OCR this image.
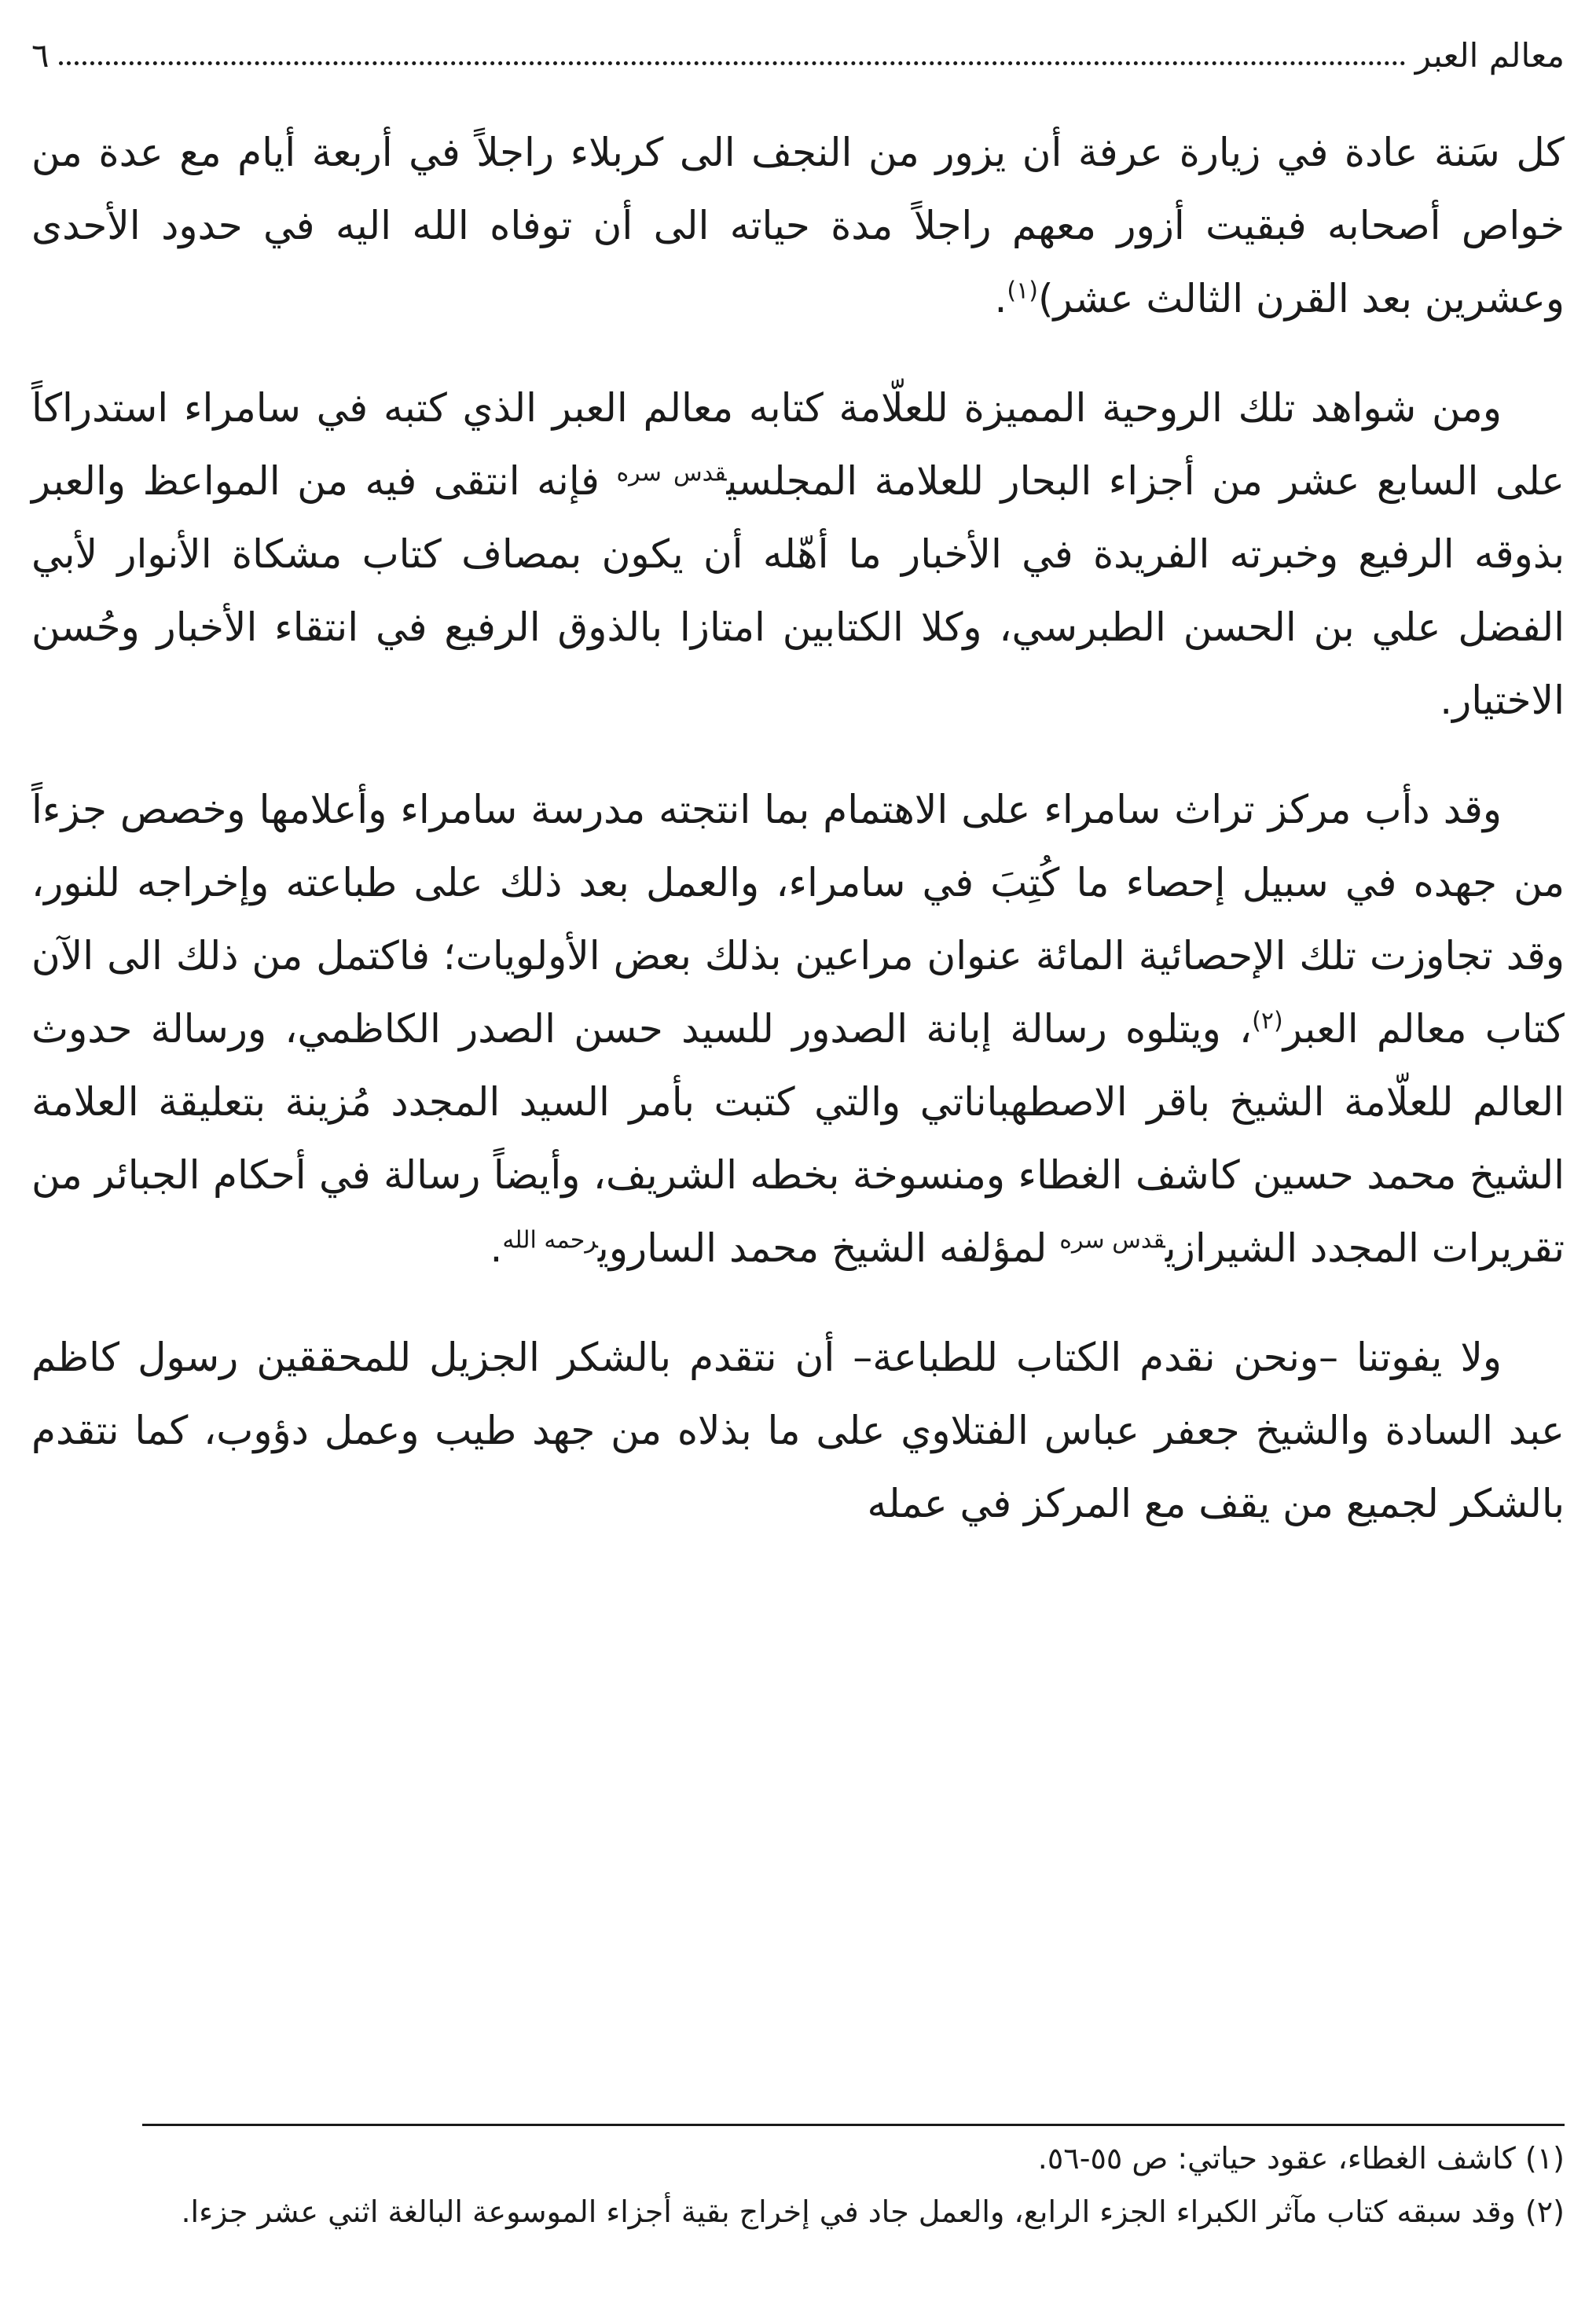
معالم العبر
٦

كل سَنة عادة في زيارة عرفة أن يزور من النجف الى كربلاء راجلاً في أربعة أيام مع عدة من خواص أصحابه فبقيت أزور معهم راجلاً مدة حياته الى أن توفاه الله اليه في حدود الأحدى وعشرين بعد القرن الثالث عشر)$^{(١)}$.

ومن شواهد تلك الروحية المميزة للعلّامة كتابه معالم العبر الذي كتبه في سامراء استدراكاً على السابع عشر من أجزاء البحار للعلامة المجلسي$^{قدس سره}$ فإنه انتقى فيه من المواعظ والعبر بذوقه الرفيع وخبرته الفريدة في الأخبار ما أهّله أن يكون بمصاف كتاب مشكاة الأنوار لأبي الفضل علي بن الحسن الطبرسي، وكلا الكتابين امتازا بالذوق الرفيع في انتقاء الأخبار وحُسن الاختيار.

وقد دأب مركز تراث سامراء على الاهتمام بما انتجته مدرسة سامراء وأعلامها وخصص جزءاً من جهده في سبيل إحصاء ما كُتِبَ في سامراء، والعمل بعد ذلك على طباعته وإخراجه للنور، وقد تجاوزت تلك الإحصائية المائة عنوان مراعين بذلك بعض الأولويات؛ فاكتمل من ذلك الى الآن كتاب معالم العبر$^{(٢)}$، ويتلوه رسالة إبانة الصدور للسيد حسن الصدر الكاظمي، ورسالة حدوث العالم للعلّامة الشيخ باقر الاصطهباناتي والتي كتبت بأمر السيد المجدد مُزينة بتعليقة العلامة الشيخ محمد حسين كاشف الغطاء ومنسوخة بخطه الشريف، وأيضاً رسالة في أحكام الجبائر من تقريرات المجدد الشيرازي$^{قدس سره}$ لمؤلفه الشيخ محمد الساروي$^{رحمه الله}$.

ولا يفوتنا –ونحن نقدم الكتاب للطباعة– أن نتقدم بالشكر الجزيل للمحققين رسول كاظم عبد السادة والشيخ جعفر عباس الفتلاوي على ما بذلاه من جهد طيب وعمل دؤوب، كما نتقدم بالشكر لجميع من يقف مع المركز في عمله

(١) كاشف الغطاء، عقود حياتي: ص ٥٥-٥٦.

(٢) وقد سبقه كتاب مآثر الكبراء الجزء الرابع، والعمل جاد في إخراج بقية أجزاء الموسوعة البالغة اثني عشر جزءا.
